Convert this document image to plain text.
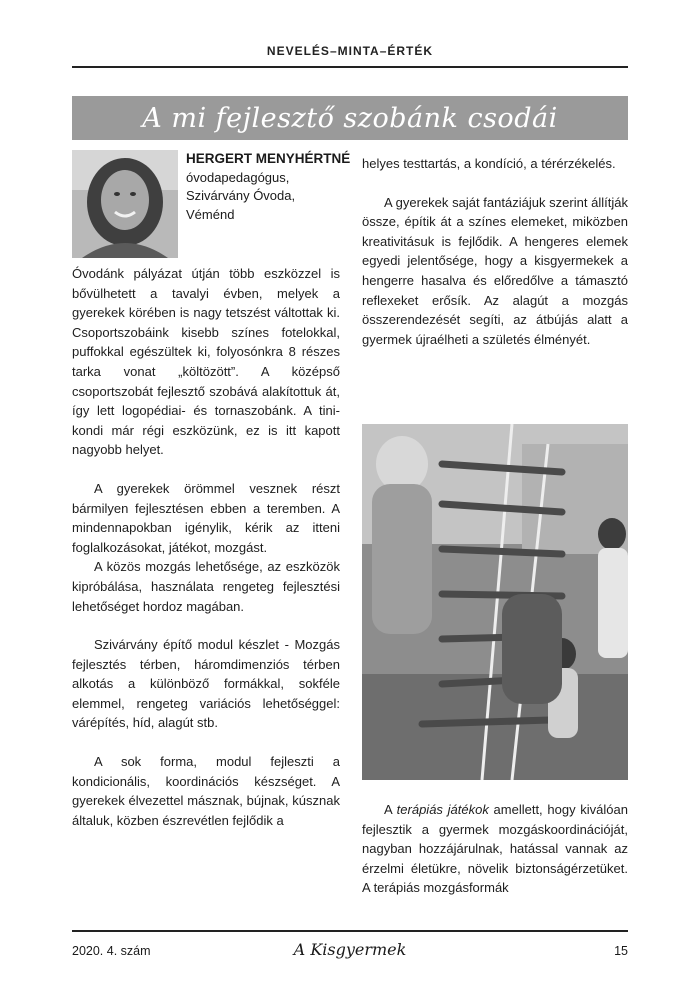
NEVELÉS–MINTA–ÉRTÉK
A mi fejlesztő szobánk csodái
HERGERT MENYHÉRTNÉ
óvodapedagógus,
Szivárvány Óvoda,
Véménd

Óvodánk pályázat útján több eszközzel is bővülhetett a tavalyi évben, melyek a gyerekek körében is nagy tetszést váltottak ki. Csoportszobáink kisebb színes fotelokkal, puffokkal egészültek ki, folyosónkra 8 részes tarka vonat „költözött”. A középső csoportszobát fejlesztő szobává alakítottuk át, így lett logopédiai- és tornaszobánk. A tini-kondi már régi eszközünk, ez is itt kapott nagyobb helyet.

A gyerekek örömmel vesznek részt bármilyen fejlesztésen ebben a teremben. A mindennapokban igénylik, kérik az itteni foglalkozásokat, játékot, mozgást.

A közös mozgás lehetősége, az eszközök kipróbálása, használata rengeteg fejlesztési lehetőséget hordoz magában.

Szivárvány építő modul készlet - Mozgás fejlesztés térben, háromdimenziós térben alkotás a különböző formákkal, sokféle elemmel, rengeteg variációs lehetőséggel: várépítés, híd, alagút stb.

A sok forma, modul fejleszti a kondicionális, koordinációs készséget. A gyerekek élvezettel másznak, bújnak, kúsznak általuk, közben észrevétlen fejlődik a

helyes testtartás, a kondíció, a térérzékelés.

A gyerekek saját fantáziájuk szerint állítják össze, építik át a színes elemeket, miközben kreativitásuk is fejlődik. A hengeres elemek egyedi jelentősége, hogy a kisgyermekek a hengerre hasalva és előredőlve a támasztó reflexeket erősík. Az alagút a mozgás összerendezését segíti, az átbújás alatt a gyermek újraélheti a születés élményét.

A terápiás játékok amellett, hogy kiválóan fejlesztik a gyermek mozgáskoordinációját, nagyban hozzájárulnak, hatással vannak az érzelmi életükre, növelik biztonságérzetüket. A terápiás mozgásformák

2020. 4. szám	A Kisgyermek	15
